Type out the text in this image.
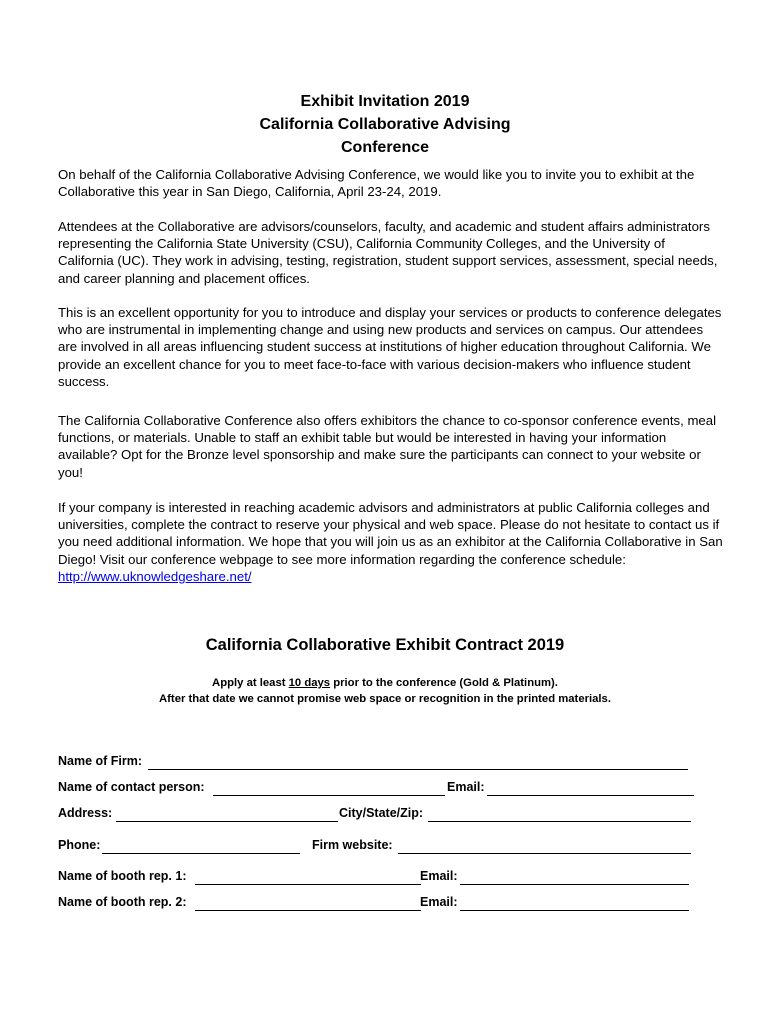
Exhibit Invitation 2019
California Collaborative Advising
Conference
On behalf of the California Collaborative Advising Conference, we would like you to invite you to exhibit at the Collaborative this year in San Diego, California, April 23-24, 2019.
Attendees at the Collaborative are advisors/counselors, faculty, and academic and student affairs administrators representing the California State University (CSU), California Community Colleges, and the University of California (UC). They work in advising, testing, registration, student support services, assessment, special needs, and career planning and placement offices.
This is an excellent opportunity for you to introduce and display your services or products to conference delegates who are instrumental in implementing change and using new products and services on campus. Our attendees are involved in all areas influencing student success at institutions of higher education throughout California. We provide an excellent chance for you to meet face-to-face with various decision-makers who influence student success.
The California Collaborative Conference also offers exhibitors the chance to co-sponsor conference events, meal functions, or materials. Unable to staff an exhibit table but would be interested in having your information available? Opt for the Bronze level sponsorship and make sure the participants can connect to your website or you!
If your company is interested in reaching academic advisors and administrators at public California colleges and universities, complete the contract to reserve your physical and web space. Please do not hesitate to contact us if you need additional information. We hope that you will join us as an exhibitor at the California Collaborative in San Diego! Visit our conference webpage to see more information regarding the conference schedule: http://www.uknowledgeshare.net/
California Collaborative Exhibit Contract 2019
Apply at least 10 days prior to the conference (Gold & Platinum).
After that date we cannot promise web space or recognition in the printed materials.
Name of Firm:
Name of contact person:	Email:
Address:	City/State/Zip:
Phone:	Firm website:
Name of booth rep. 1:	Email:
Name of booth rep. 2:	Email:
